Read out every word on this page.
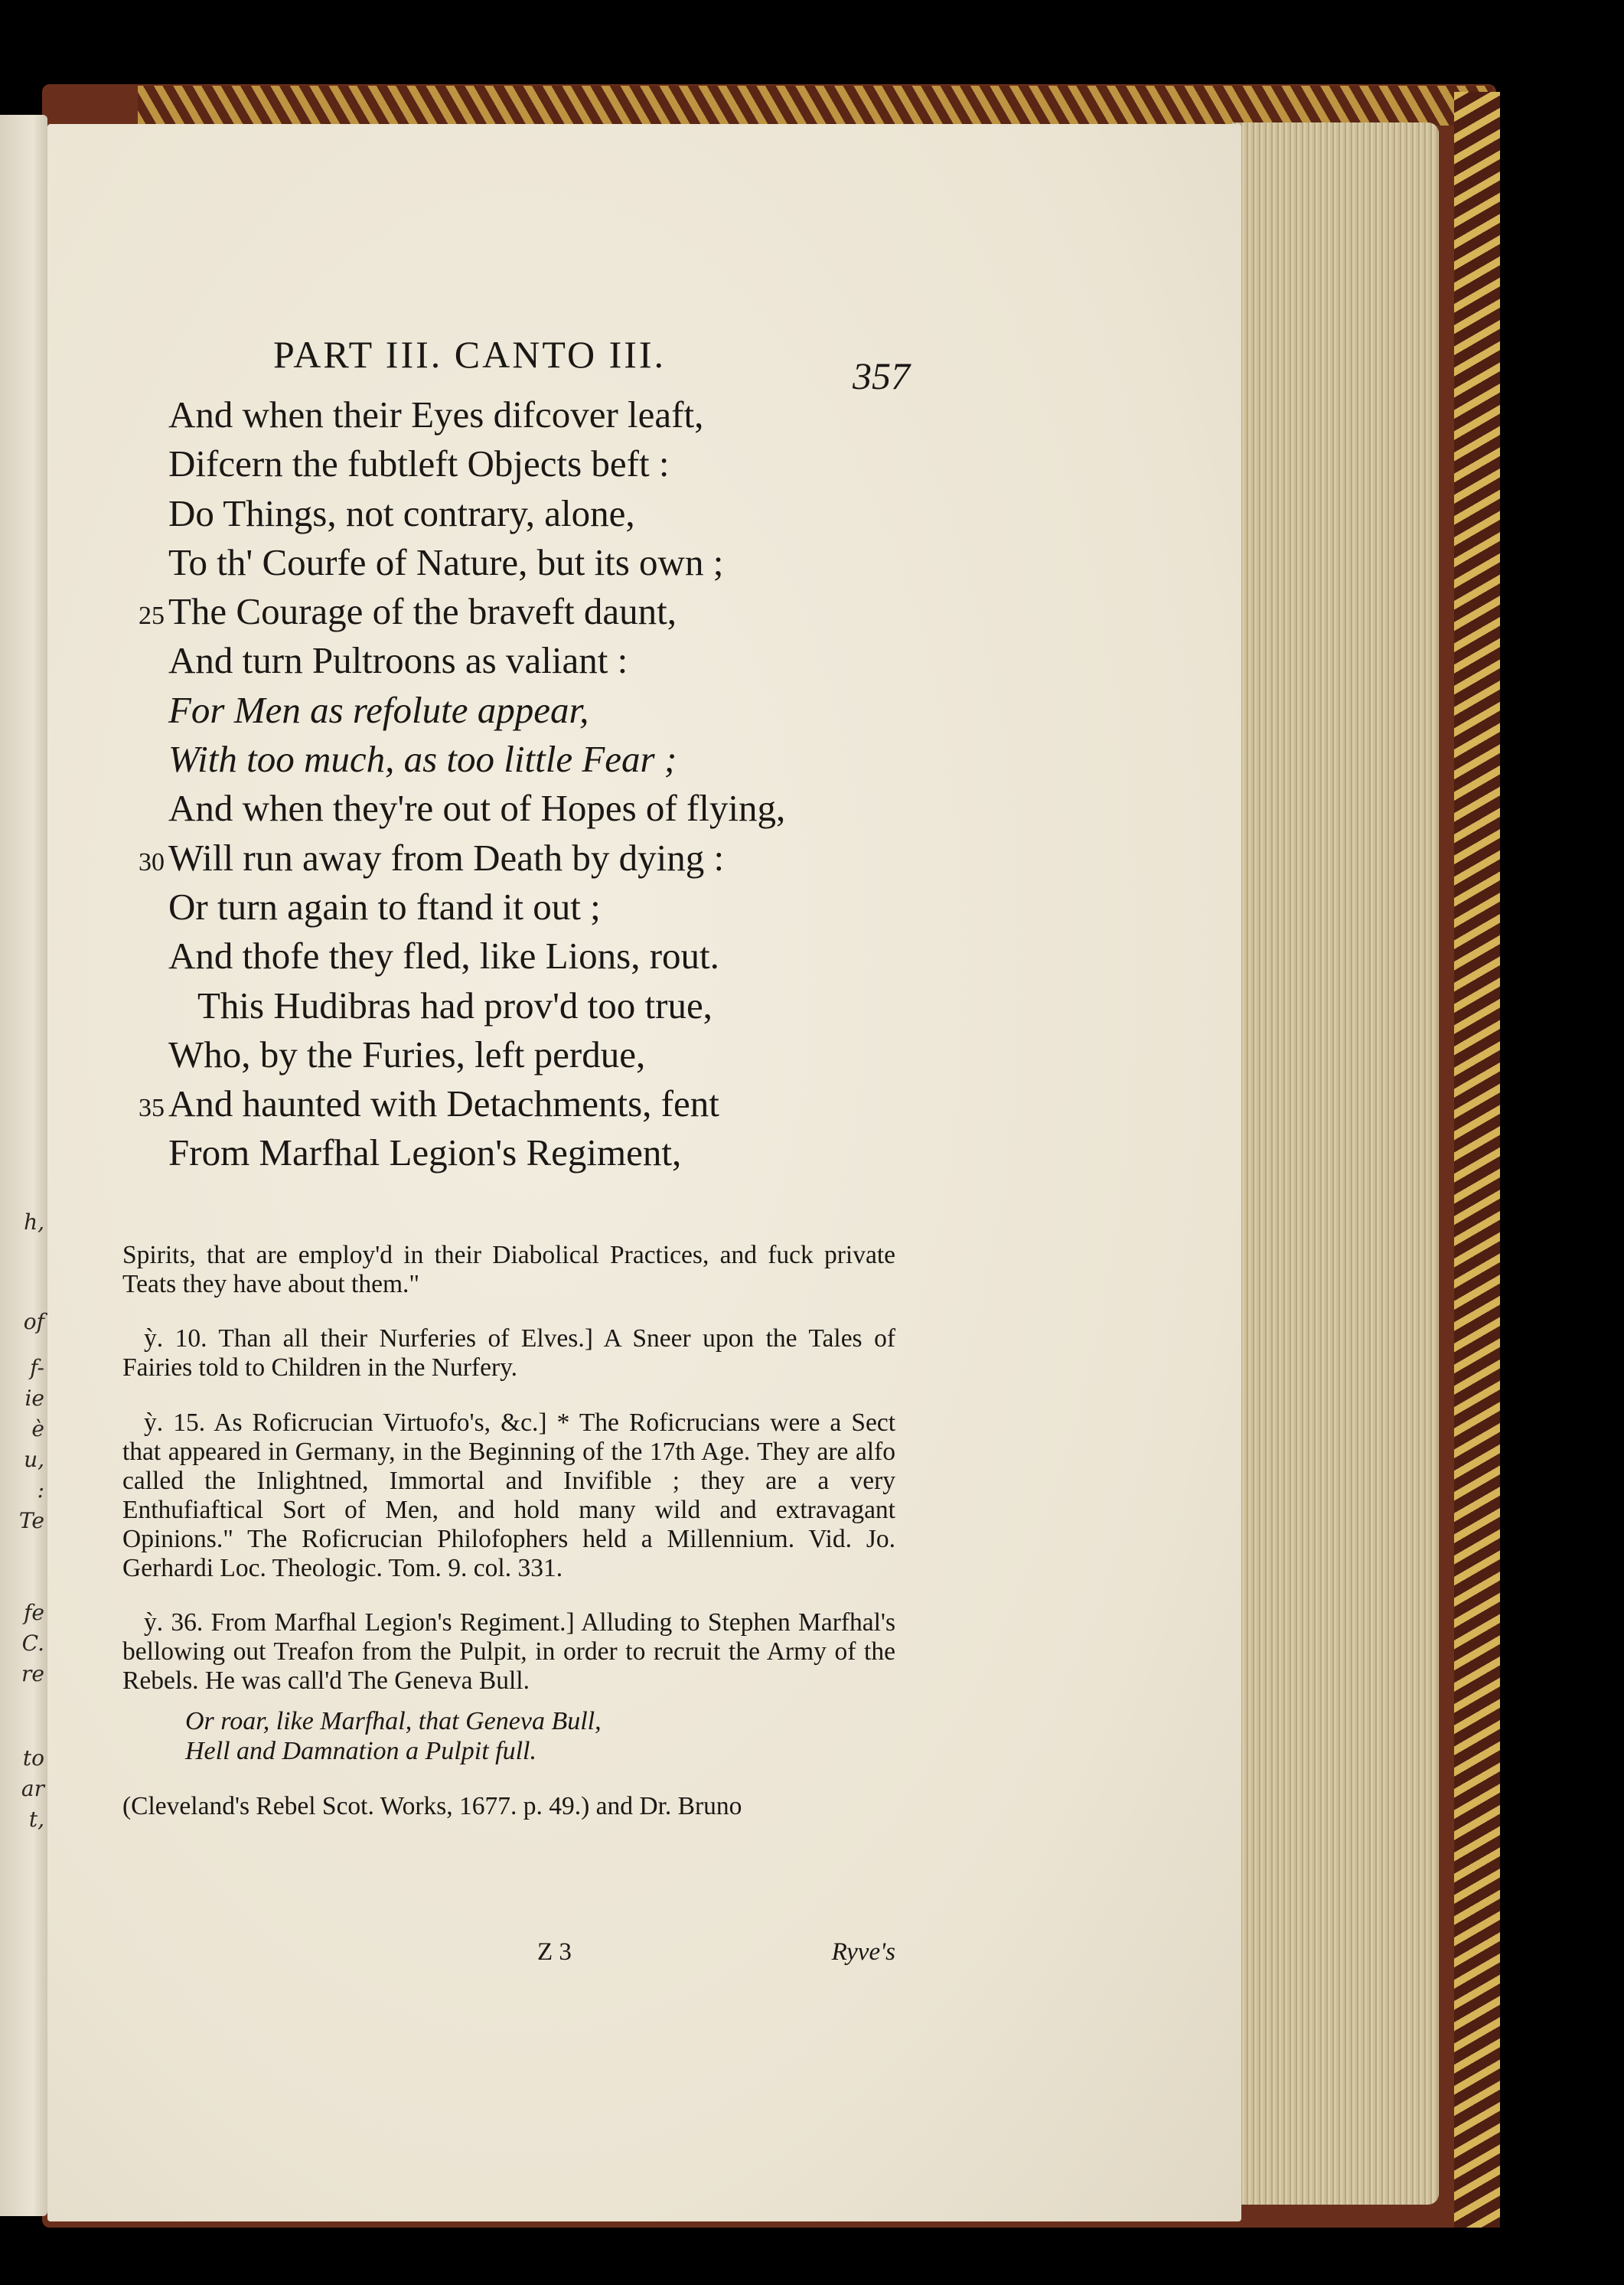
h,
of
f-
ie
è
u,
:
Te
fe
C.
re
to
ar
t,
PART III. CANTO III.	357
And when their Eyes difcover leaft,
Difcern the fubtleft Objects beft :
Do Things, not contrary, alone,
To th' Courfe of Nature, but its own ;
25 The Courage of the braveft daunt,
And turn Pultroons as valiant :
For Men as refolute appear,
With too much, as too little Fear ;
And when they're out of Hopes of flying,
30 Will run away from Death by dying :
Or turn again to ftand it out ;
And thofe they fled, like Lions, rout.
This Hudibras had prov'd too true,
Who, by the Furies, left perdue,
35 And haunted with Detachments, fent
From Marfhal Legion's Regiment,

Spirits, that are employ'd in their Diabolical Practices, and fuck private Teats they have about them."

ỳ. 10. Than all their Nurferies of Elves.] A Sneer upon the Tales of Fairies told to Children in the Nurfery.

ỳ. 15. As Roficrucian Virtuofo's, &c.] * The Roficrucians were a Sect that appeared in Germany, in the Beginning of the 17th Age. They are alfo called the Inlightned, Immortal and Invifible ; they are a very Enthufiaftical Sort of Men, and hold many wild and extravagant Opinions." The Roficrucian Philofophers held a Millennium. Vid. Jo. Gerhardi Loc. Theologic. Tom. 9. col. 331.

ỳ. 36. From Marfhal Legion's Regiment.] Alluding to Stephen Marfhal's bellowing out Treafon from the Pulpit, in order to recruit the Army of the Rebels. He was call'd The Geneva Bull.

Or roar, like Marfhal, that Geneva Bull,
Hell and Damnation a Pulpit full.

(Cleveland's Rebel Scot. Works, 1677. p. 49.) and Dr. Bruno

Z 3	Ryve's
